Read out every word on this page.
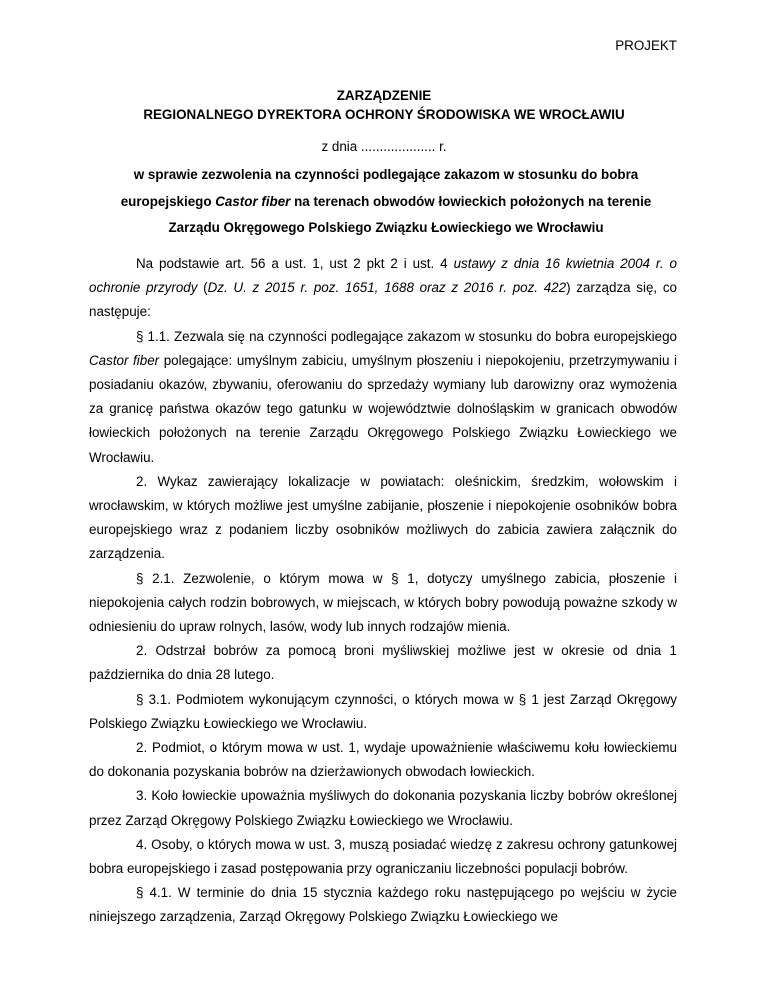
PROJEKT
ZARZĄDZENIE
REGIONALNEGO DYREKTORA OCHRONY ŚRODOWISKA WE WROCŁAWIU
z dnia .................... r.
w sprawie zezwolenia na czynności podlegające zakazom w stosunku do bobra europejskiego Castor fiber na terenach obwodów łowieckich położonych na terenie Zarządu Okręgowego Polskiego Związku Łowieckiego we Wrocławiu

Na podstawie art. 56 a ust. 1, ust 2 pkt 2 i ust. 4 ustawy z dnia 16 kwietnia 2004 r. o ochronie przyrody (Dz. U. z 2015 r. poz. 1651, 1688 oraz z 2016 r. poz. 422) zarządza się, co następuje:

§ 1.1. Zezwala się na czynności podlegające zakazom w stosunku do bobra europejskiego Castor fiber polegające: umyślnym zabiciu, umyślnym płoszeniu i niepokojeniu, przetrzymywaniu i posiadaniu okazów, zbywaniu, oferowaniu do sprzedaży wymiany lub darowizny oraz wymożenia za granicę państwa okazów tego gatunku w województwie dolnośląskim w granicach obwodów łowieckich położonych na terenie Zarządu Okręgowego Polskiego Związku Łowieckiego we Wrocławiu.

2. Wykaz zawierający lokalizacje w powiatach: oleśnickim, średzkim, wołowskim i wrocławskim, w których możliwe jest umyślne zabijanie, płoszenie i niepokojenie osobników bobra europejskiego wraz z podaniem liczby osobników możliwych do zabicia zawiera załącznik do zarządzenia.

§ 2.1. Zezwolenie, o którym mowa w § 1, dotyczy umyślnego zabicia, płoszenie i niepokojenia całych rodzin bobrowych, w miejscach, w których bobry powodują poważne szkody w odniesieniu do upraw rolnych, lasów, wody lub innych rodzajów mienia.

2. Odstrzał bobrów za pomocą broni myśliwskiej możliwe jest w okresie od dnia 1 października do dnia 28 lutego.

§ 3.1. Podmiotem wykonującym czynności, o których mowa w § 1 jest Zarząd Okręgowy Polskiego Związku Łowieckiego we Wrocławiu.

2. Podmiot, o którym mowa w ust. 1, wydaje upoważnienie właściwemu kołu łowieckiemu do dokonania pozyskania bobrów na dzierżawionych obwodach łowieckich.

3. Koło łowieckie upoważnia myśliwych do dokonania pozyskania liczby bobrów określonej przez Zarząd Okręgowy Polskiego Związku Łowieckiego we Wrocławiu.

4. Osoby, o których mowa w ust. 3, muszą posiadać wiedzę z zakresu ochrony gatunkowej bobra europejskiego i zasad postępowania przy ograniczaniu liczebności populacji bobrów.

§ 4.1. W terminie do dnia 15 stycznia każdego roku następującego po wejściu w życie niniejszego zarządzenia, Zarząd Okręgowy Polskiego Związku Łowieckiego we
